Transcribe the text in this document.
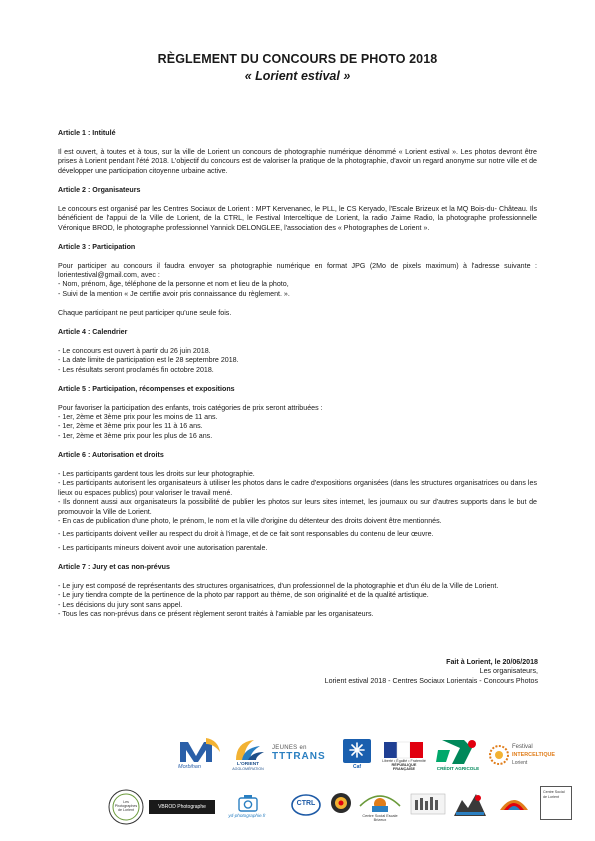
RÈGLEMENT DU CONCOURS DE PHOTO 2018
« Lorient estival »

Article 1 : Intitulé

Il est ouvert, à toutes et à tous, sur la ville de Lorient un concours de photographie numérique dénommé « Lorient estival ». Les photos devront être prises à Lorient pendant l'été 2018. L'objectif du concours est de valoriser la pratique de la photographie, d'avoir un regard anonyme sur notre ville et de développer une participation citoyenne urbaine active.

Article 2 : Organisateurs

Le concours est organisé par les Centres Sociaux de Lorient : MPT Kervenanec, le PLL, le CS Keryado, l'Escale Brizeux et la MQ Bois-du- Château. Ils bénéficient de l'appui de la Ville de Lorient, de la CTRL, le Festival Interceltique de Lorient, la radio J'aime Radio, la photographe professionnelle Véronique BROD, le photographe professionnel Yannick DELONGLEE, l'association des « Photographes de Lorient ».

Article 3 : Participation

Pour participer au concours il faudra envoyer sa photographie numérique en format JPG (2Mo de pixels maximum) à l'adresse suivante : lorientestival@gmail.com, avec :

- Nom, prénom, âge, téléphone de la personne et nom et lieu de la photo,

- Suivi de la mention « Je certifie avoir pris connaissance du règlement. ».

Chaque participant ne peut participer qu'une seule fois.

Article 4 : Calendrier

- Le concours est ouvert à partir du 26 juin 2018.

- La date limite de participation est le 28 septembre 2018.

- Les résultats seront proclamés fin octobre 2018.

Article 5 : Participation, récompenses et expositions

Pour favoriser la participation des enfants, trois catégories de prix seront attribuées :

- 1er, 2ème et 3ème prix pour les moins de 11 ans.

- 1er, 2ème et 3ème prix pour les 11 à 16 ans.

- 1er, 2ème et 3ème prix pour les plus de 16 ans.

Article 6 : Autorisation et droits

- Les participants gardent tous les droits sur leur photographie.

- Les participants autorisent les organisateurs à utiliser les photos dans le cadre d'expositions organisées (dans les structures organisatrices ou dans les lieux ou espaces publics) pour valoriser le travail mené.

- Ils donnent aussi aux organisateurs la possibilité de publier les photos sur leurs sites internet, les journaux ou sur d'autres supports dans le but de promouvoir la Ville de Lorient.

- En cas de publication d'une photo, le prénom, le nom et la ville d'origine du détenteur des droits doivent être mentionnés.

- Les participants doivent veiller au respect du droit à l'image, et de ce fait sont responsables du contenu de leur œuvre.

- Les participants mineurs doivent avoir une autorisation parentale.

Article 7 : Jury et cas non-prévus

- Le jury est composé de représentants des structures organisatrices, d'un professionnel de la photographie et d'un élu de la Ville de Lorient.

- Le jury tiendra compte de la pertinence de la photo par rapport au thème, de son originalité et de la qualité artistique.

- Les décisions du jury sont sans appel.

- Tous les cas non-prévus dans ce présent règlement seront traités à l'amiable par les organisateurs.

Fait à Lorient, le 20/06/2018
Les organisateurs,
Lorient estival 2018 - Centres Sociaux Lorientais - Concours Photos
Morbihan	L'ORIENT
AGGLOMÉRATION
JEUNES en
TTTRANS
Caf
Liberté • Égalité • Fraternité
RÉPUBLIQUE FRANÇAISE	CRÉDIT AGRICOLE
Festival
INTERCELTIQUE
Lorient
Les Photographes de Lorient
VBROD Photographe
yd-photographie.fr
CTRL
Centre Social Escale Brizeux
Centre Social de Lorient
